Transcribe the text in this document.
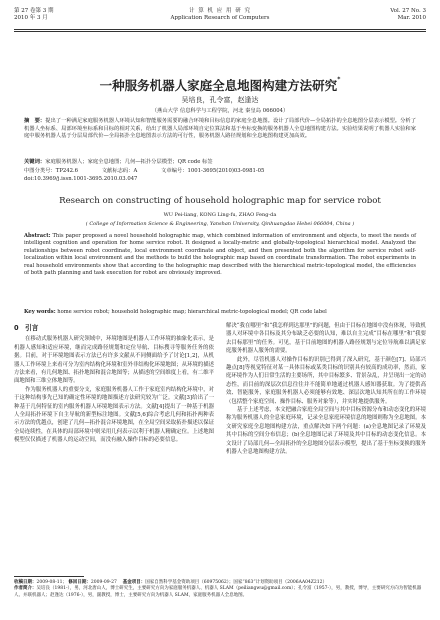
第 27 卷第 3 期
2010 年 3 月
计 算 机 应 用 研 究
Application Research of Computers
Vol. 27 No. 3
Mar. 2010
一种服务机器人家庭全息地图构建方法研究*
吴培良，孔令富，赵逢达
（燕山大学 信息科学与工程学院，河北 秦皇岛 066004）
摘　要：提出了一种满足家庭服务机器人环境认知和智能服务需要的融合环境和目标信息的家庭全息地图。设计了局部代价—全局拓扑的全息地图分层表示模型。分析了机器人坐标系、局部环境坐标系和目标的相对关系，给出了机器人局部环境自定位算法和基于坐标变换的服务机器人全息地图构建方法。实验结果说明了机器人实验和家庭中服务机器人基于分层局部代价—全局拓扑全息地图表示方法的可行性，服务机器人路径规划和全息地图构建更加高效。
关键词：家庭服务机器人；家庭全息地图；几何—拓扑分层模型；QR code 标签
中图分类号：TP242.6	文献标志码：A	文章编号：1001-3695(2010)03-0981-05
doi:10.3969/j.issn.1001-3695.2010.03.047
Research on constructing of household holographic map for service robot
WU Pei-liang, KONG Ling-fu, ZHAO Feng-da
( College of Information Science & Engineering, Yanshan University, Qinhuangdao Hebei 066004, China )
Abstract: This paper proposed a novel household holographic map, which combined information of environment and objects, to meet the needs of intelligent cognition and operation for home service robot. It designed a locally-metric and globally-topological hierarchical model. Analyzed the relationships between robot coordinate, local environment coordinate and object, and then presented both the algorithm for service robot self-localization within local environment and the methods to build the holographic map based on coordinate transformation. The robot experiments in real household environments show that according to the holographic map described with the hierarchical metric-topological model, the efficiencies of both path planning and task execution for robot are obviously improved.
Key words: home service robot; household holographic map; hierarchical metric-topological model; QR code label
0　引言

在移动式服务机器人研究领域中，环境地图是机器人工作环境的抽象化表示，是机器人感知和适应环境，继而完成路径规划和定位导航、目标搜寻等服务任务的依据。目前，对于环境地图表示方法已有许多文献从不同侧面给予了讨论[1,2]，从机器人工作环境上来看可分为室内结构化环境和室外非结构化环境地图；从环境的描述方法来看，有几何地图、拓扑地图和混合地图等；从描述的空间维度上看，有二维平面地图和三维立体地图等。

作为服务机器人的重要分支，家庭服务机器人工作于家庭室内结构化环境中，对于这种结构事先已知的确定性环境的地图描述方法研究较为广泛。文献[3]给出了一种基于几何特征的室内服务机器人环境地图表示方法。文献[4]提出了一种基于机器人全局拓扑环境下自主导航的新型标注地图。文献[5,6]综合考虑几何和拓扑两种表示方法的优越点，创建了几何—拓扑混合环境地图，在全局空间采取拓扑描述以保证全局连续性，在具体的局部环境中则采用几何表示以利于机器人精确定位。上述地图模型仅仅描述了机器人的运动空间，而没有融入操作目标的必要信息。

解决“我在哪里”和“我怎样到达那里”的问题，但由于目标在地图中没有体现，导致机器人对环境中各目标及其分布缺乏必要的认知，难以自主完成“目标在哪里”和“我要去目标那里”的任务。可见，基于目前地图的机器人路径规划与定位导航难以满足家庭服务机器人服务的需要。

此外，尽管机器人对操作目标的识别已得到了深入研究，基于颜色[7]、局部兴趣点[8]等视觉特征对某一具体目标或某类目标的识别具有较高的成功率，然而，家庭环境作为人们日常生活的主要场所，其中目标繁多、背景杂乱，并呈现出一定的动态性，而目前的深层次信息往往并不能简单地通过机器人感知器获取。为了提供高效、智能服务，家庭服务机器人必须能够有效地、深层次地认知其所在的工作环境（包括整个家庭空间、操作目标、服务对象等），并实时地提供服务。

基于上述考虑，本文把融合家庭全局空间与其中目标资源分布和动态变化的环境称为服务机器人的全息家庭环境，记录全息家庭环境信息的地图则称为全息地图。本文研究家庭全息地图构建方法，重点解决如下两个问题：(a)全息地图记录了环境及其中目标的空间分布信息；(b)全息地图记录了环境及其中目标的动态变化信息。本文设计了局部几何—全局拓扑的全息地图分层表示模型，提出了基于坐标变换的服务机器人全息地图构建方法。

收稿日期：2009-08-11； 修回日期：2009-09-27　 基金项目：国家自然科学基金资助项目（60975062）；国家“863”计划资助项目（2006AA04Z212）
作者简介：吴培良（1981-），男，河北唐山人，博士研究生，主要研究方向为家庭服务机器人、机器人 SLAM（peiliangwu@gmail.com）；孔令富（1957-），男，教授，博导，主要研究方向为智能机器人、并联机器人；赵逢达（1976-），男，副教授，博士，主要研究方向为机器人 SLAM，家庭服务机器人全息地图。
